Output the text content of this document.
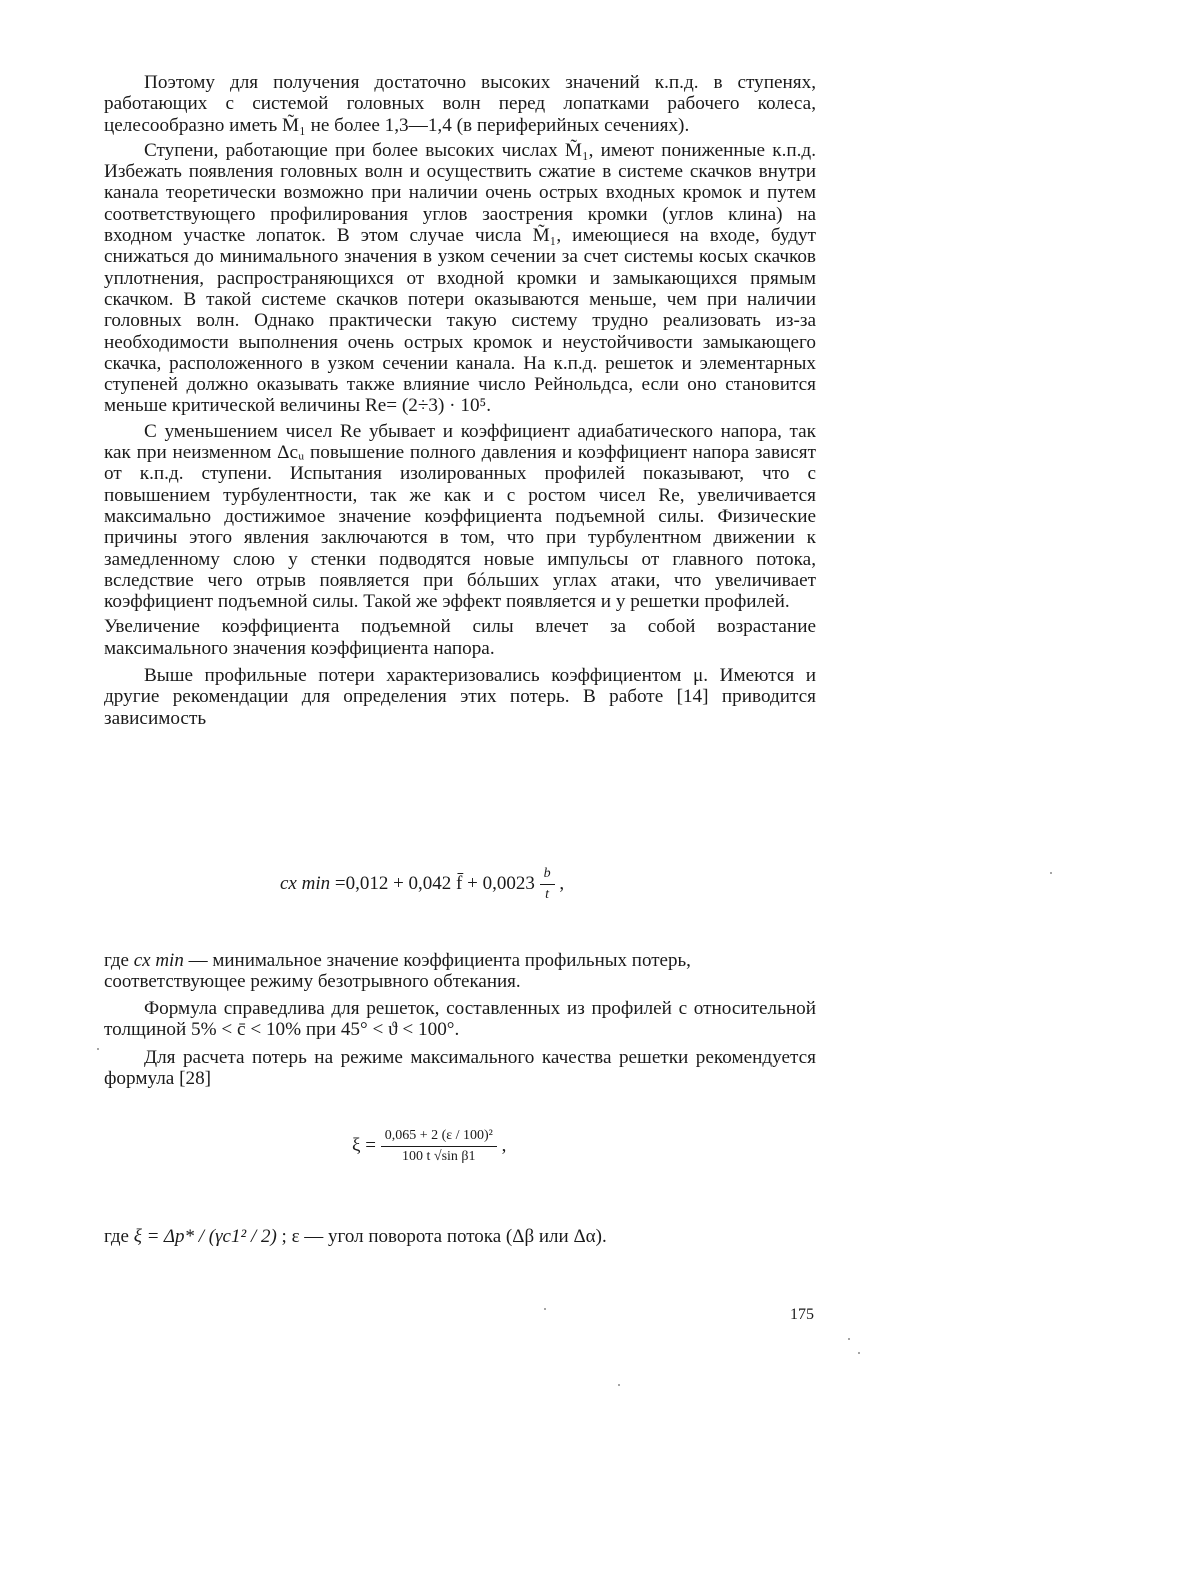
Поэтому для получения достаточно высоких значений к.п.д. в ступенях, работающих с системой головных волн перед лопатками рабочего колеса, целесообразно иметь M̃₁ не более 1,3—1,4 (в периферийных сечениях).

Ступени, работающие при более высоких числах M̃₁, имеют пониженные к.п.д. Избежать появления головных волн и осуществить сжатие в системе скачков внутри канала теоретически возможно при наличии очень острых входных кромок и путем соответствующего профилирования углов заострения кромки (углов клина) на входном участке лопаток. В этом случае числа M̃₁, имеющиеся на входе, будут снижаться до минимального значения в узком сечении за счет системы косых скачков уплотнения, распространяющихся от входной кромки и замыкающихся прямым скачком. В такой системе скачков потери оказываются меньше, чем при наличии головных волн. Однако практически такую систему трудно реализовать из-за необходимости выполнения очень острых кромок и неустойчивости замыкающего скачка, расположенного в узком сечении канала. На к.п.д. решеток и элементарных ступеней должно оказывать также влияние число Рейнольдса, если оно становится меньше критической величины Re= (2÷3) · 10⁵.

С уменьшением чисел Re убывает и коэффициент адиабатического напора, так как при неизменном Δcᵤ повышение полного давления и коэффициент напора зависят от к.п.д. ступени. Испытания изолированных профилей показывают, что с повышением турбулентности, так же как и с ростом чисел Re, увеличивается максимально достижимое значение коэффициента подъемной силы. Физические причины этого явления заключаются в том, что при турбулентном движении к замедленному слою у стенки подводятся новые импульсы от главного потока, вследствие чего отрыв появляется при бóльших углах атаки, что увеличивает коэффициент подъемной силы. Такой же эффект появляется и у решетки профилей.

Увеличение коэффициента подъемной силы влечет за собой возрастание максимального значения коэффициента напора.

Выше профильные потери характеризовались коэффициентом μ. Имеются и другие рекомендации для определения этих потерь. В работе [14] приводится зависимость

cx min =0,012 + 0,042 f̄ + $0,0023 \frac{b}{t}$ ,
где cx min — минимальное значение коэффициента профильных потерь, соответствующее режиму безотрывного обтекания.

Формула справедлива для решеток, составленных из профилей с относительной толщиной 5% < c̄ < 10% при 45° < ϑ < 100°.

Для расчета потерь на режиме максимального качества решетки рекомендуется формула [28]

$\xi = \frac{\text{0,065 + 2 (ε / 100)²}}{\text{100 t √sin β1}}$ ,
где ξ = Δp* / (γc1² / 2) ; ε — угол поворота потока (Δβ или Δα).
175
